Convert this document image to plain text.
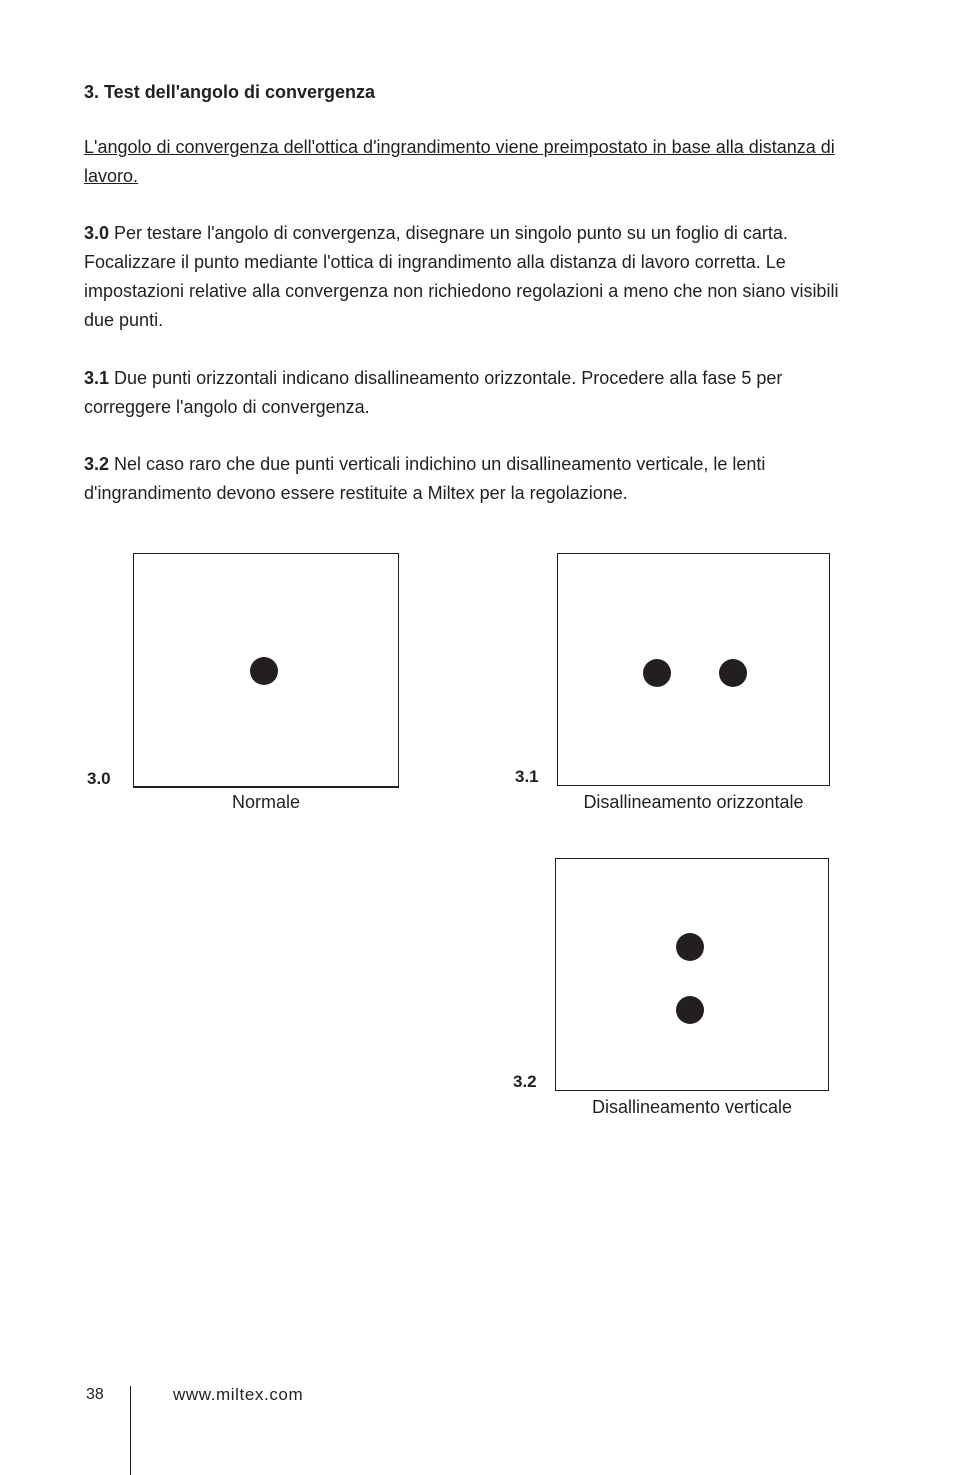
3. Test dell'angolo di convergenza

L'angolo di convergenza dell'ottica d'ingrandimento viene preimpostato in base alla distanza di lavoro.

3.0 Per testare l'angolo di convergenza, disegnare un singolo punto su un foglio di carta. Focalizzare il punto mediante l'ottica di ingrandimento alla distanza di lavoro corretta. Le impostazioni relative alla convergenza non richiedono regolazioni a meno che non siano visibili due punti.

3.1 Due punti orizzontali indicano disallineamento orizzontale. Procedere alla fase 5 per correggere l'angolo di convergenza.

3.2 Nel caso raro che due punti verticali indichino un disallineamento verticale, le lenti d'ingrandimento devono essere restituite a Miltex per la regolazione.

3.0
Normale
3.1
Disallineamento orizzontale
3.2
Disallineamento verticale
38	www.miltex.com
